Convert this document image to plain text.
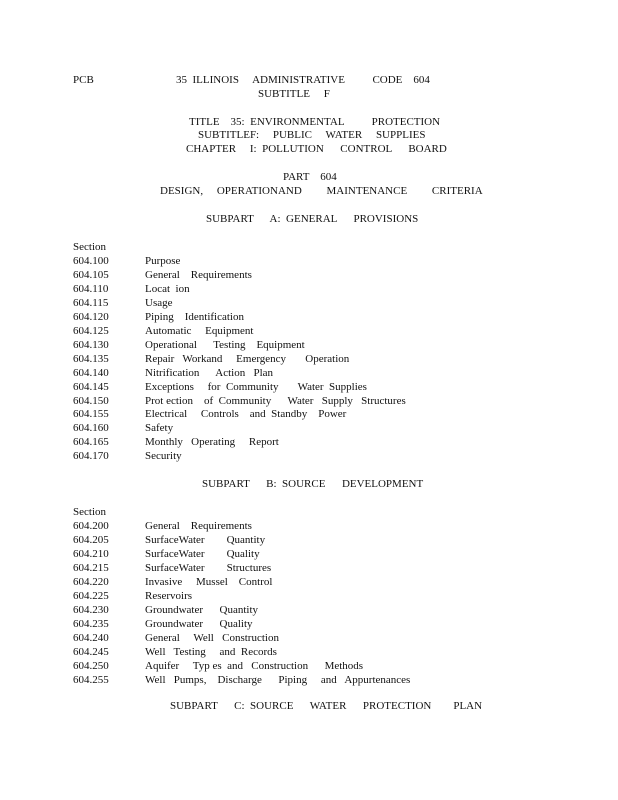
PCB	35  ILLINOIS     ADMINISTRATIVE          CODE    604
SUBTITLE     F
TITLE    35:  ENVIRONMENTAL          PROTECTION
SUBTITLEF:     PUBLIC     WATER     SUPPLIES
CHAPTER     I:  POLLUTION      CONTROL      BOARD
PART    604
DESIGN,     OPERATIONAND         MAINTENANCE         CRITERIA
SUBPART      A:  GENERAL      PROVISIONS
Section
604.100	Purpose
604.105	General    Requirements
604.110	Locat  ion
604.115	Usage
604.120	Piping    Identification
604.125	Automatic     Equipment
604.130	Operational      Testing    Equipment
604.135	Repair   Workand     Emergency       Operation
604.140	Nitrification      Action   Plan
604.145	Exceptions     for  Community       Water  Supplies
604.150	Prot ection    of  Community      Water   Supply   Structures
604.155	Electrical     Controls    and  Standby    Power
604.160	Safety
604.165	Monthly   Operating     Report
604.170	Security
SUBPART      B:  SOURCE      DEVELOPMENT
Section
604.200	General    Requirements
604.205	SurfaceWater        Quantity
604.210	SurfaceWater        Quality
604.215	SurfaceWater        Structures
604.220	Invasive     Mussel    Control
604.225	Reservoirs
604.230	Groundwater      Quantity
604.235	Groundwater      Quality
604.240	General     Well   Construction
604.245	Well   Testing     and  Records
604.250	Aquifer     Typ es  and   Construction      Methods
604.255	Well   Pumps,    Discharge      Piping     and   Appurtenances
SUBPART      C:  SOURCE      WATER      PROTECTION        PLAN
